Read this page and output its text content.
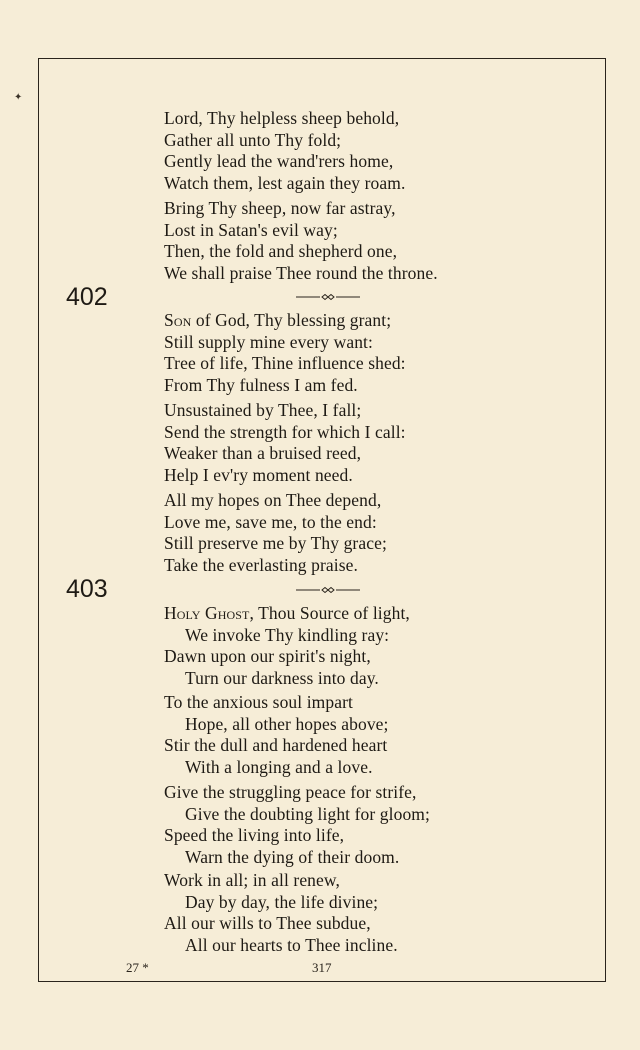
✦
402
403
Lord, Thy helpless sheep behold,
Gather all unto Thy fold;
Gently lead the wand'rers home,
Watch them, lest again they roam.
Bring Thy sheep, now far astray,
Lost in Satan's evil way;
Then, the fold and shepherd one,
We shall praise Thee round the throne.
Son of God, Thy blessing grant;
Still supply mine every want:
Tree of life, Thine influence shed:
From Thy fulness I am fed.
Unsustained by Thee, I fall;
Send the strength for which I call:
Weaker than a bruised reed,
Help I ev'ry moment need.
All my hopes on Thee depend,
Love me, save me, to the end:
Still preserve me by Thy grace;
Take the everlasting praise.
Holy Ghost, Thou Source of light,
We invoke Thy kindling ray:
Dawn upon our spirit's night,
Turn our darkness into day.
To the anxious soul impart
Hope, all other hopes above;
Stir the dull and hardened heart
With a longing and a love.
Give the struggling peace for strife,
Give the doubting light for gloom;
Speed the living into life,
Warn the dying of their doom.
Work in all; in all renew,
Day by day, the life divine;
All our wills to Thee subdue,
All our hearts to Thee incline.
27 *	317
